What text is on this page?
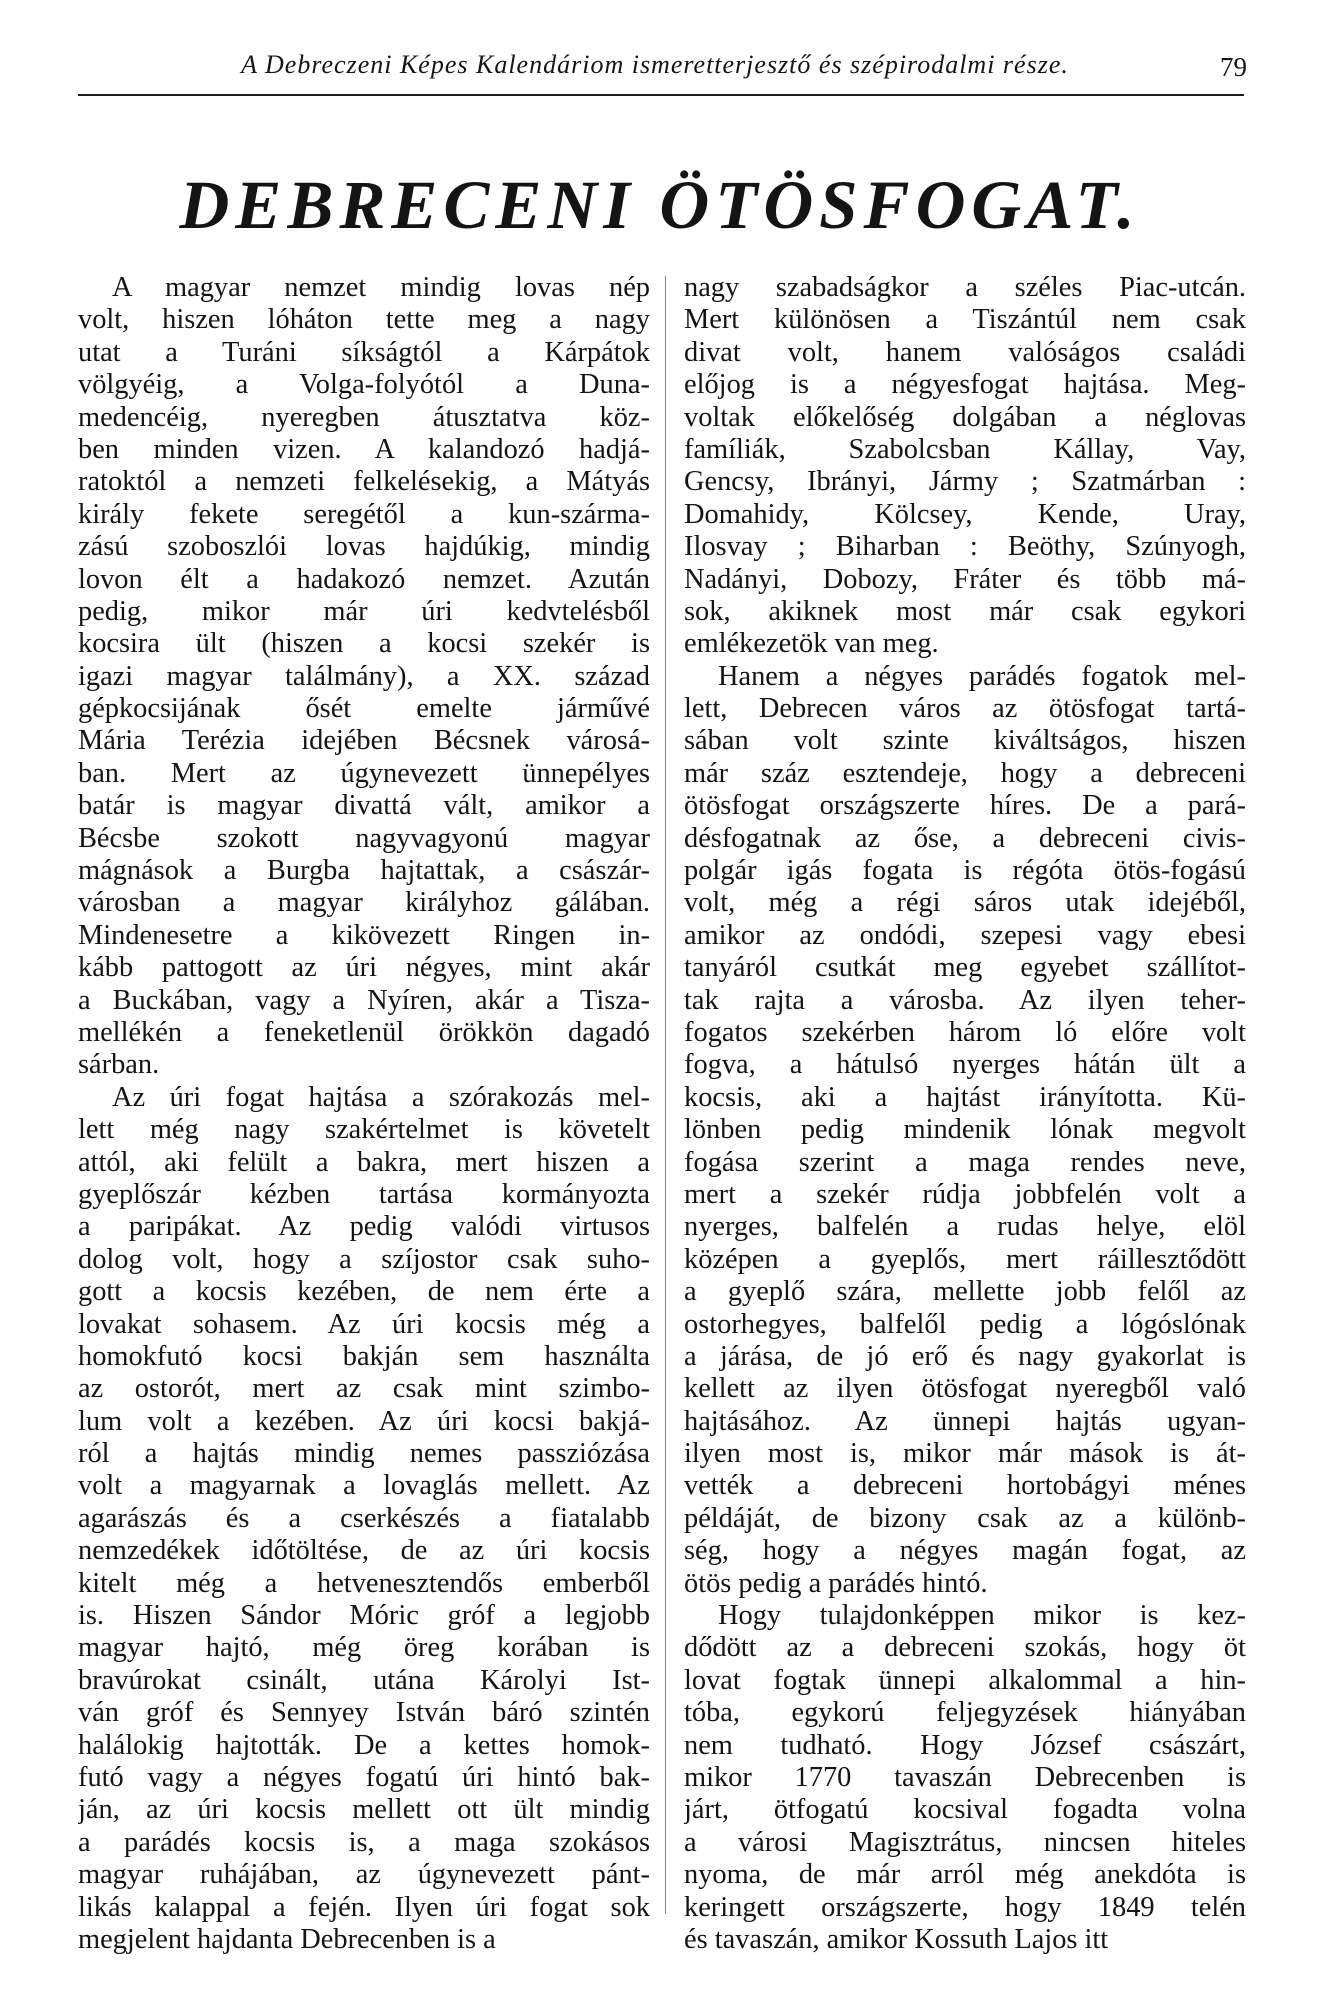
A Debreczeni Képes Kalendáriom ismeretterjesztő és szépirodalmi része.	79
DEBRECENI ÖTÖSFOGAT.
A magyar nemzet mindig lovas nép
volt, hiszen lóháton tette meg a nagy
utat a Turáni síkságtól a Kárpátok
völgyéig, a Volga-folyótól a Duna-
medencéig, nyeregben átusztatva köz-
ben minden vizen. A kalandozó hadjá-
ratoktól a nemzeti felkelésekig, a Mátyás
király fekete seregétől a kun-szárma-
zású szoboszlói lovas hajdúkig, mindig
lovon élt a hadakozó nemzet. Azután
pedig, mikor már úri kedvtelésből
kocsira ült (hiszen a kocsi szekér is
igazi magyar találmány), a XX. század
gépkocsijának ősét emelte járművé
Mária Terézia idejében Bécsnek városá-
ban. Mert az úgynevezett ünnepélyes
batár is magyar divattá vált, amikor a
Bécsbe szokott nagyvagyonú magyar
mágnások a Burgba hajtattak, a császár-
városban a magyar királyhoz gálában.
Mindenesetre a kikövezett Ringen in-
kább pattogott az úri négyes, mint akár
a Buckában, vagy a Nyíren, akár a Tisza-
mellékén a feneketlenül örökkön dagadó
sárban.
Az úri fogat hajtása a szórakozás mel-
lett még nagy szakértelmet is követelt
attól, aki felült a bakra, mert hiszen a
gyeplőszár kézben tartása kormányozta
a paripákat. Az pedig valódi virtusos
dolog volt, hogy a szíjostor csak suho-
gott a kocsis kezében, de nem érte a
lovakat sohasem. Az úri kocsis még a
homokfutó kocsi bakján sem használta
az ostorót, mert az csak mint szimbo-
lum volt a kezében. Az úri kocsi bakjá-
ról a hajtás mindig nemes passziózása
volt a magyarnak a lovaglás mellett. Az
agarászás és a cserkészés a fiatalabb
nemzedékek időtöltése, de az úri kocsis
kitelt még a hetvenesztendős emberből
is. Hiszen Sándor Móric gróf a legjobb
magyar hajtó, még öreg korában is
bravúrokat csinált, utána Károlyi Ist-
ván gróf és Sennyey István báró szintén
halálokig hajtották. De a kettes homok-
futó vagy a négyes fogatú úri hintó bak-
ján, az úri kocsis mellett ott ült mindig
a parádés kocsis is, a maga szokásos
magyar ruhájában, az úgynevezett pánt-
likás kalappal a fején. Ilyen úri fogat sok
megjelent hajdanta Debrecenben is a
nagy szabadságkor a széles Piac-utcán.
Mert különösen a Tiszántúl nem csak
divat volt, hanem valóságos családi
előjog is a négyesfogat hajtása. Meg-
voltak előkelőség dolgában a néglovas
famíliák, Szabolcsban Kállay, Vay,
Gencsy, Ibrányi, Jármy ; Szatmárban :
Domahidy, Kölcsey, Kende, Uray,
Ilosvay ; Biharban : Beöthy, Szúnyogh,
Nadányi, Dobozy, Fráter és több má-
sok, akiknek most már csak egykori
emlékezetök van meg.
Hanem a négyes parádés fogatok mel-
lett, Debrecen város az ötösfogat tartá-
sában volt szinte kiváltságos, hiszen
már száz esztendeje, hogy a debreceni
ötösfogat országszerte híres. De a pará-
désfogatnak az őse, a debreceni civis-
polgár igás fogata is régóta ötös-fogású
volt, még a régi sáros utak idejéből,
amikor az ondódi, szepesi vagy ebesi
tanyáról csutkát meg egyebet szállítot-
tak rajta a városba. Az ilyen teher-
fogatos szekérben három ló előre volt
fogva, a hátulsó nyerges hátán ült a
kocsis, aki a hajtást irányította. Kü-
lönben pedig mindenik lónak megvolt
fogása szerint a maga rendes neve,
mert a szekér rúdja jobbfelén volt a
nyerges, balfelén a rudas helye, elöl
középen a gyeplős, mert ráillesztődött
a gyeplő szára, mellette jobb felől az
ostorhegyes, balfelől pedig a lógóslónak
a járása, de jó erő és nagy gyakorlat is
kellett az ilyen ötösfogat nyeregből való
hajtásához. Az ünnepi hajtás ugyan-
ilyen most is, mikor már mások is át-
vették a debreceni hortobágyi ménes
példáját, de bizony csak az a különb-
ség, hogy a négyes magán fogat, az
ötös pedig a parádés hintó.
Hogy tulajdonképpen mikor is kez-
dődött az a debreceni szokás, hogy öt
lovat fogtak ünnepi alkalommal a hin-
tóba, egykorú feljegyzések hiányában
nem tudható. Hogy József császárt,
mikor 1770 tavaszán Debrecenben is
járt, ötfogatú kocsival fogadta volna
a városi Magisztrátus, nincsen hiteles
nyoma, de már arról még anekdóta is
keringett országszerte, hogy 1849 telén
és tavaszán, amikor Kossuth Lajos itt
